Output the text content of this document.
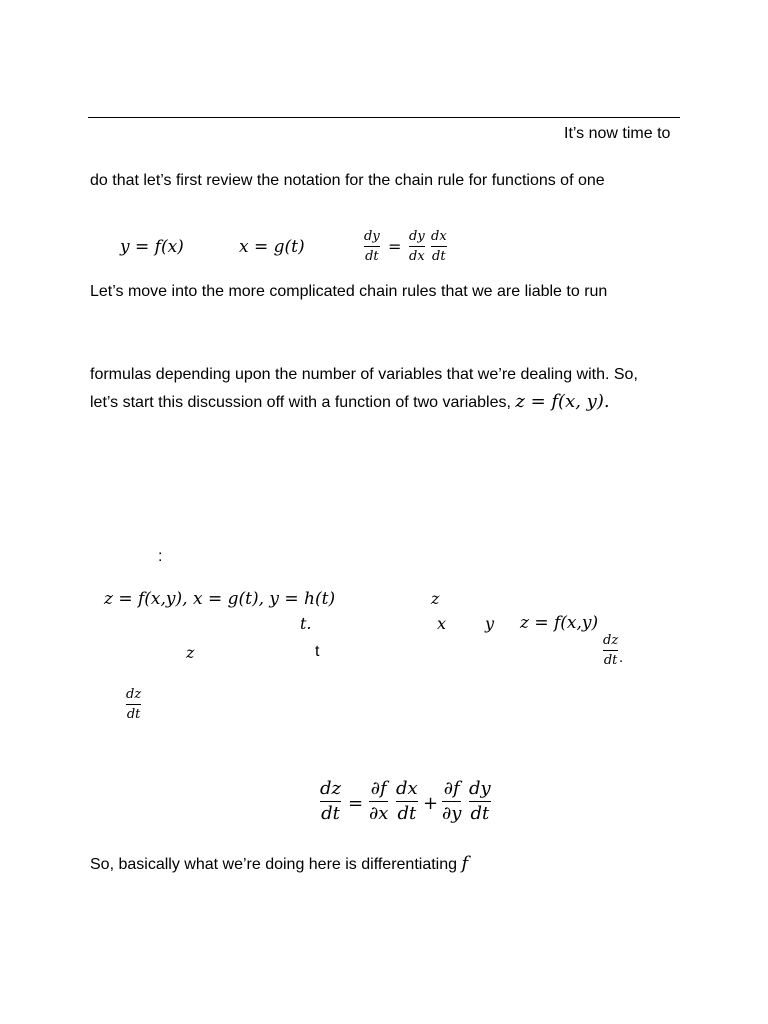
It’s now time to
do that let’s first review the notation for the chain rule for functions of one
y = f(x)	x = g(t)
dy
dt
=
dy
dx
dx
dt
Let’s move into the more complicated chain rules that we are liable to run
formulas depending upon the number of variables that we’re dealing with. So,
let’s start this discussion off with a function of two variables, z = f(x, y).
:
z = f(x,y), x = g(t), y = h(t)	z
t.	x y z = f(x,y)
z	t
dz
dt .
dz
dt
dz
dt =
∂f
∂x
dx
dt +
∂f
∂y
dy
dt
So, basically what we’re doing here is differentiating f
